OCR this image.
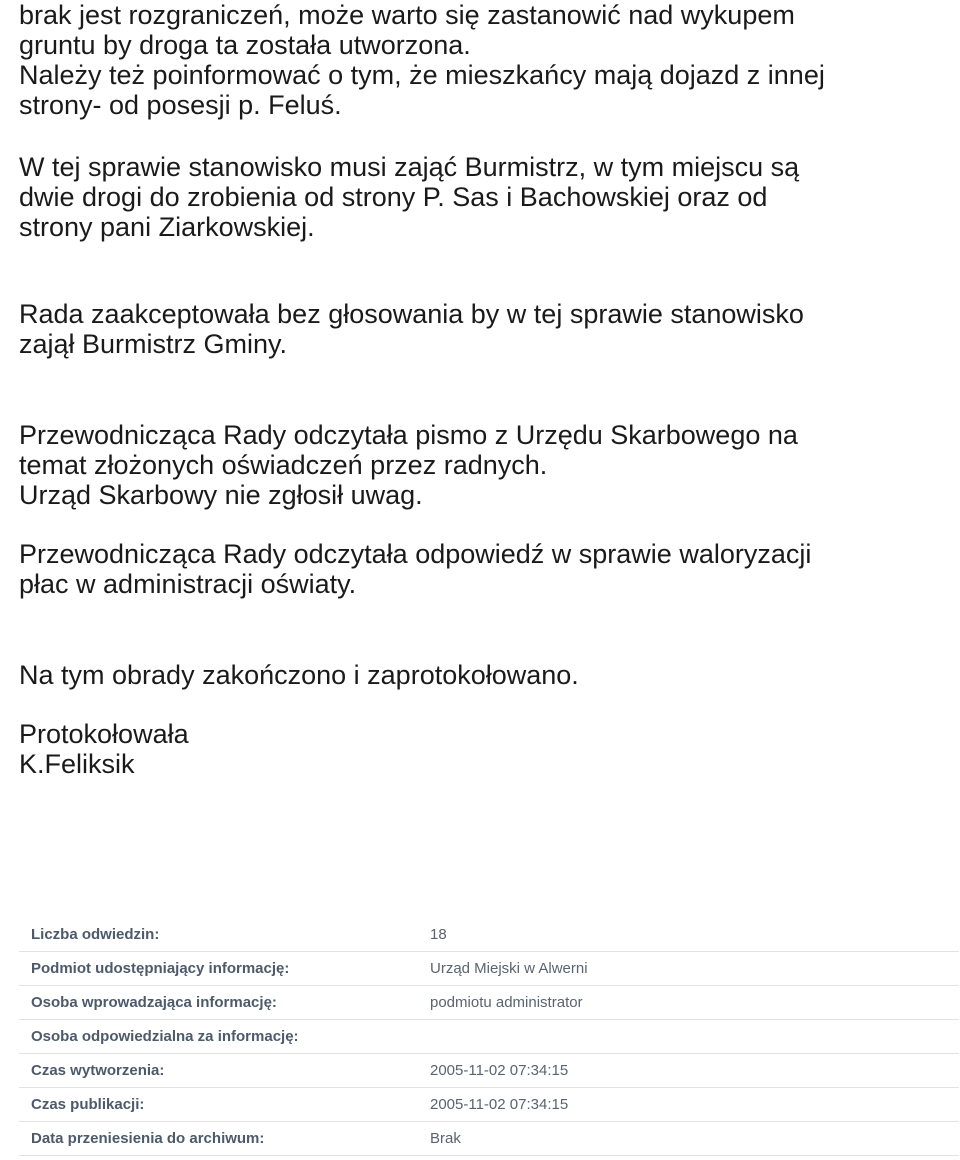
brak jest rozgraniczeń, może warto się zastanowić nad wykupem
gruntu by droga ta została utworzona.
Należy też poinformować o tym, że mieszkańcy mają dojazd z innej
strony- od posesji p. Feluś.

W tej sprawie stanowisko musi zająć Burmistrz, w tym miejscu są
dwie drogi do zrobienia od strony P. Sas i Bachowskiej oraz od
strony pani Ziarkowskiej.

Rada zaakceptowała bez głosowania by w tej sprawie stanowisko
zajął Burmistrz Gminy.

Przewodnicząca Rady odczytała pismo z Urzędu Skarbowego na
temat złożonych oświadczeń przez radnych.
Urząd Skarbowy nie zgłosił uwag.

Przewodnicząca Rady odczytała odpowiedź w sprawie waloryzacji
płac w administracji oświaty.

Na tym obrady zakończono i zaprotokołowano.

Protokołowała
K.Feliksik

Liczba odwiedzin:	18
Podmiot udostępniający informację:	Urząd Miejski w Alwerni
Osoba wprowadzająca informację:	podmiotu administrator
Osoba odpowiedzialna za informację:	
Czas wytworzenia:	2005-11-02 07:34:15
Czas publikacji:	2005-11-02 07:34:15
Data przeniesienia do archiwum:	Brak
